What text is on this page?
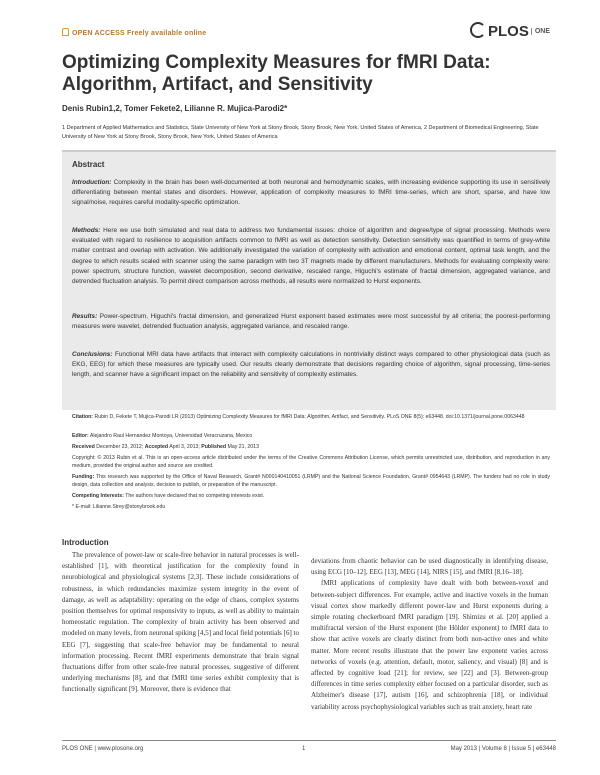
OPEN ACCESS Freely available online	PLOS $^{ONE}$
Optimizing Complexity Measures for fMRI Data: Algorithm, Artifact, and Sensitivity
Denis Rubin1,2, Tomer Fekete2, Lilianne R. Mujica-Parodi2*
1 Department of Applied Mathematics and Statistics, State University of New York at Stony Brook, Stony Brook, New York, United States of America, 2 Department of Biomedical Engineering, State University of New York at Stony Brook, Stony Brook, New York, United States of America
Abstract
Introduction: Complexity in the brain has been well-documented at both neuronal and hemodynamic scales, with increasing evidence supporting its use in sensitively differentiating between mental states and disorders. However, application of complexity measures to fMRI time-series, which are short, sparse, and have low signal/noise, requires careful modality-specific optimization.
Methods: Here we use both simulated and real data to address two fundamental issues: choice of algorithm and degree/type of signal processing. Methods were evaluated with regard to resilience to acquisition artifacts common to fMRI as well as detection sensitivity. Detection sensitivity was quantified in terms of grey-white matter contrast and overlap with activation. We additionally investigated the variation of complexity with activation and emotional content, optimal task length, and the degree to which results scaled with scanner using the same paradigm with two 3T magnets made by different manufacturers. Methods for evaluating complexity were: power spectrum, structure function, wavelet decomposition, second derivative, rescaled range, Higuchi's estimate of fractal dimension, aggregated variance, and detrended fluctuation analysis. To permit direct comparison across methods, all results were normalized to Hurst exponents.
Results: Power-spectrum, Higuchi's fractal dimension, and generalized Hurst exponent based estimates were most successful by all criteria; the poorest-performing measures were wavelet, detrended fluctuation analysis, aggregated variance, and rescaled range.
Conclusions: Functional MRI data have artifacts that interact with complexity calculations in nontrivially distinct ways compared to other physiological data (such as EKG, EEG) for which these measures are typically used. Our results clearly demonstrate that decisions regarding choice of algorithm, signal processing, time-series length, and scanner have a significant impact on the reliability and sensitivity of complexity estimates.
Citation: Rubin D, Fekete T, Mujica-Parodi LR (2013) Optimizing Complexity Measures for fMRI Data: Algorithm, Artifact, and Sensitivity. PLoS ONE 8(5): e63448. doi:10.1371/journal.pone.0063448
Editor: Alejandro Raul Hernandez Montoya, Universidad Veracruzana, Mexico
Received December 23, 2012; Accepted April 3, 2013; Published May 21, 2013
Copyright: © 2013 Rubin et al. This is an open-access article distributed under the terms of the Creative Commons Attribution License, which permits unrestricted use, distribution, and reproduction in any medium, provided the original author and source are credited.
Funding: This research was supported by the Office of Naval Research, Grant# N000140410051 (LRMP) and the National Science Foundation, Grant# 0954643 (LRMP). The funders had no role in study design, data collection and analysis, decision to publish, or preparation of the manuscript.
Competing Interests: The authors have declared that no competing interests exist.
* E-mail: Lilianne.Strey@stonybrook.edu
Introduction
The prevalence of power-law or scale-free behavior in natural processes is well-established [1], with theoretical justification for the complexity found in neurobiological and physiological systems [2,3]. These include considerations of robustness, in which redundancies maximize system integrity in the event of damage, as well as adaptability: operating on the edge of chaos, complex systems position themselves for optimal responsivity to inputs, as well as ability to maintain homeostatic regulation. The complexity of brain activity has been observed and modeled on many levels, from neuronal spiking [4,5] and local field potentials [6] to EEG [7], suggesting that scale-free behavior may be fundamental to neural information processing. Recent fMRI experiments demonstrate that brain signal fluctuations differ from other scale-free natural processes, suggestive of different underlying mechanisms [8], and that fMRI time series exhibit complexity that is functionally significant [9]. Moreover, there is evidence that
deviations from chaotic behavior can be used diagnostically in identifying disease, using ECG [10–12], EEG [13], MEG [14], NIRS [15], and fMRI [8,16–18].
fMRI applications of complexity have dealt with both between-voxel and between-subject differences. For example, active and inactive voxels in the human visual cortex show markedly different power-law and Hurst exponents during a simple rotating checkerboard fMRI paradigm [19]. Shimizu et al. [20] applied a multifractal version of the Hurst exponent (the Hölder exponent) to fMRI data to show that active voxels are clearly distinct from both non-active ones and white matter. More recent results illustrate that the power law exponent varies across networks of voxels (e.g. attention, default, motor, saliency, and visual) [8] and is affected by cognitive load [21]; for review, see [22] and [3]. Between-group differences in time series complexity either focused on a particular disorder, such as Alzheimer's disease [17], autism [16], and schizophrenia [18], or individual variability across psychophysiological variables such as trait anxiety, heart rate
PLOS ONE | www.plosone.org	1	May 2013 | Volume 8 | Issue 5 | e63448
